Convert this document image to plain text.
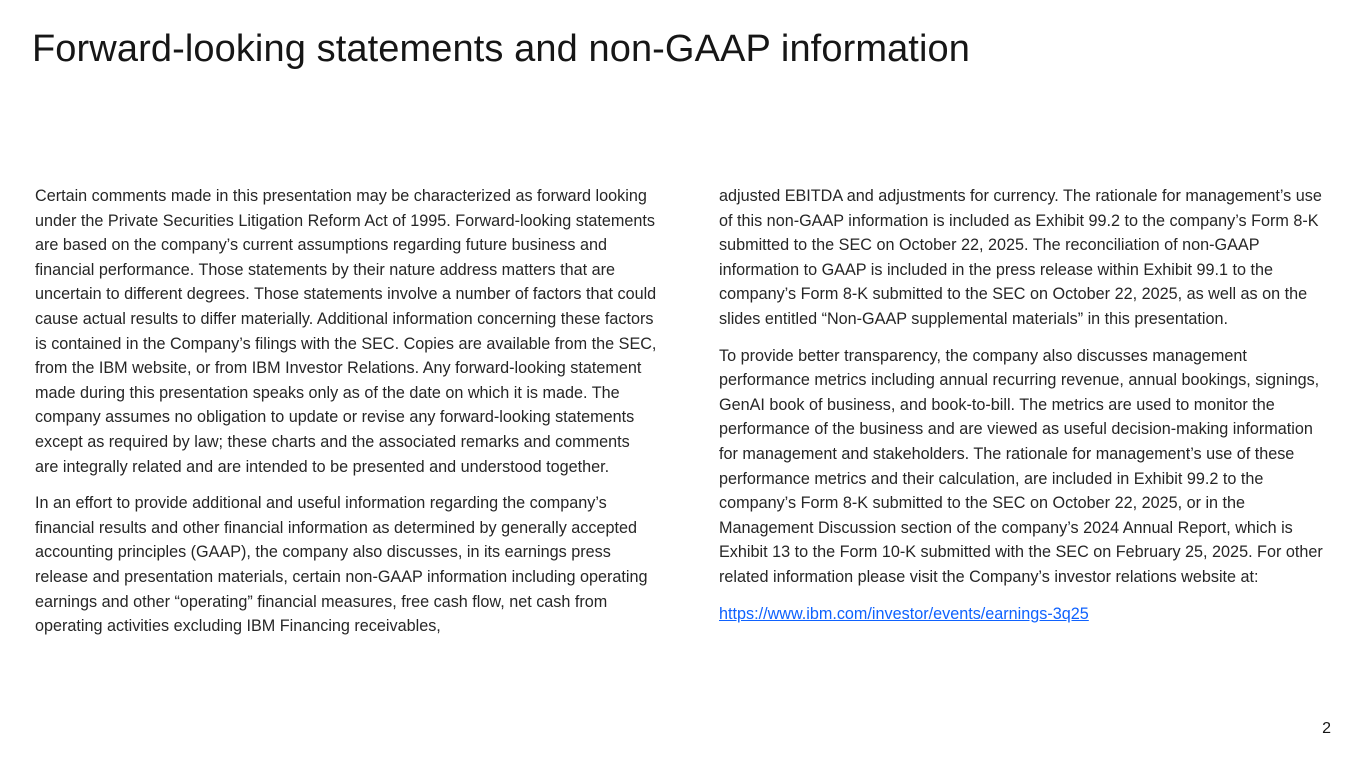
Forward-looking statements and non-GAAP information

Certain comments made in this presentation may be characterized as forward looking under the Private Securities Litigation Reform Act of 1995. Forward-looking statements are based on the company’s current assumptions regarding future business and financial performance. Those statements by their nature address matters that are uncertain to different degrees. Those statements involve a number of factors that could cause actual results to differ materially. Additional information concerning these factors is contained in the Company’s filings with the SEC. Copies are available from the SEC, from the IBM website, or from IBM Investor Relations. Any forward-looking statement made during this presentation speaks only as of the date on which it is made. The company assumes no obligation to update or revise any forward-looking statements except as required by law; these charts and the associated remarks and comments are integrally related and are intended to be presented and understood together.

In an effort to provide additional and useful information regarding the company’s financial results and other financial information as determined by generally accepted accounting principles (GAAP), the company also discusses, in its earnings press release and presentation materials, certain non-GAAP information including operating earnings and other “operating” financial measures, free cash flow, net cash from operating activities excluding IBM Financing receivables,

adjusted EBITDA and adjustments for currency. The rationale for management’s use of this non-GAAP information is included as Exhibit 99.2 to the company’s Form 8-K submitted to the SEC on October 22, 2025. The reconciliation of non-GAAP information to GAAP is included in the press release within Exhibit 99.1 to the company’s Form 8-K submitted to the SEC on October 22, 2025, as well as on the slides entitled “Non-GAAP supplemental materials” in this presentation.

To provide better transparency, the company also discusses management performance metrics including annual recurring revenue, annual bookings, signings, GenAI book of business, and book-to-bill. The metrics are used to monitor the performance of the business and are viewed as useful decision-making information for management and stakeholders. The rationale for management’s use of these performance metrics and their calculation, are included in Exhibit 99.2 to the company’s Form 8-K submitted to the SEC on October 22, 2025, or in the Management Discussion section of the company’s 2024 Annual Report, which is Exhibit 13 to the Form 10-K submitted with the SEC on February 25, 2025. For other related information please visit the Company’s investor relations website at:

https://www.ibm.com/investor/events/earnings-3q25

2
